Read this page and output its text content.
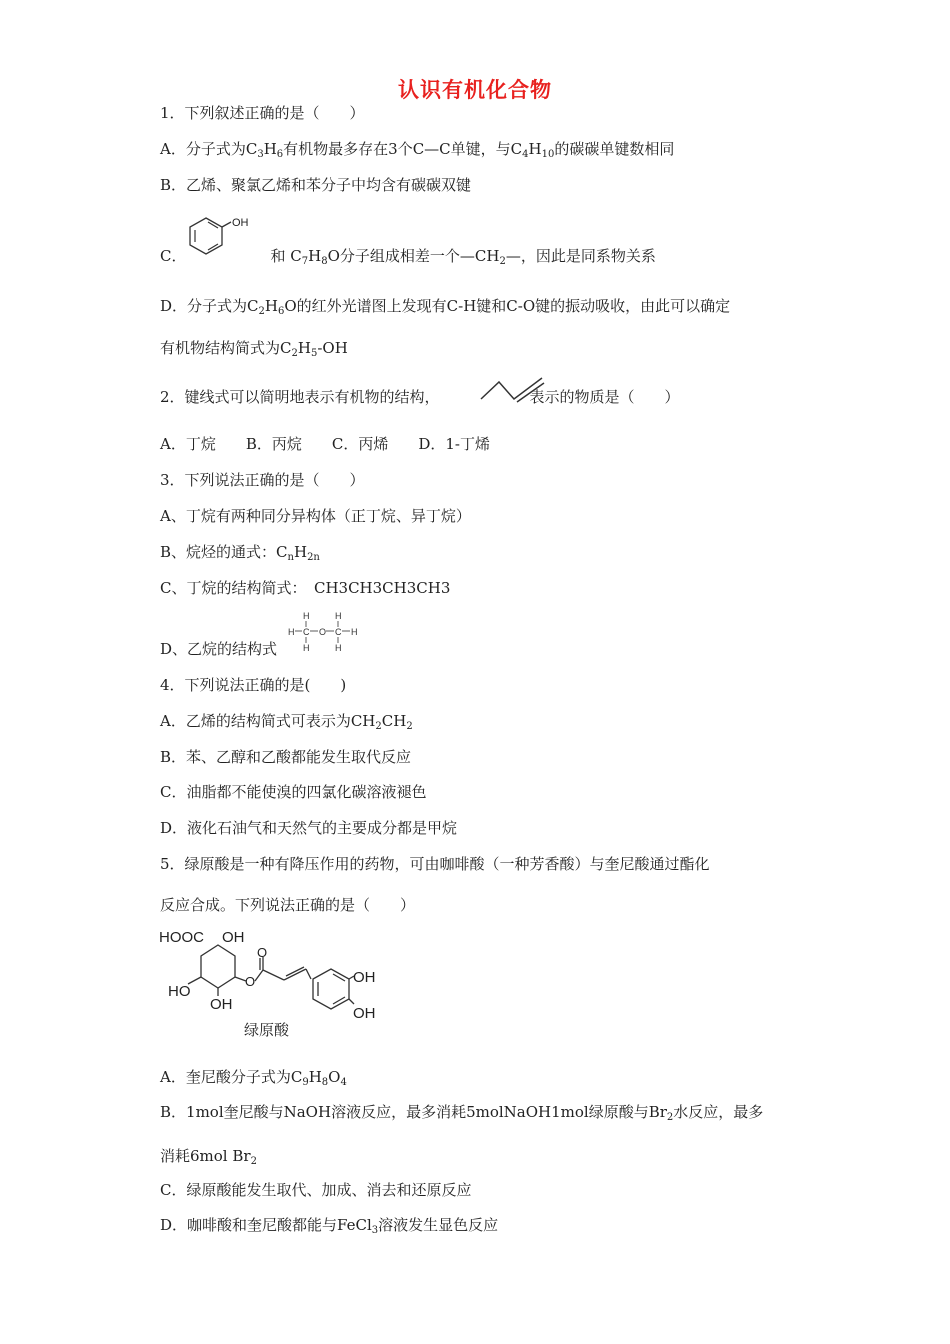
认识有机化合物
1．下列叙述正确的是（　　）
A．分子式为$C_3H_6$有机物最多存在3个C—C单键，与$C_4H_{10}$的碳碳单键数相同
B．乙烯、聚氯乙烯和苯分子中均含有碳碳双键
OH
C．	和 $C_7H_8O$分子组成相差一个$—CH_2—$，因此是同系物关系
D．分子式为$C_2H_6O$的红外光谱图上发现有C-H键和C-O键的振动吸收，由此可以确定
有机物结构简式为$C_2H_5-OH$
2．键线式可以简明地表示有机物的结构，	表示的物质是（　　）
A．丁烷　　B．丙烷　　C．丙烯　　D．1-丁烯
3．下列说法正确的是（　　）
A、丁烷有两种同分异构体（正丁烷、异丁烷）
B、烷烃的通式：$C_nH_{2n}$
C、丁烷的结构简式：　CH3CH3CH3CH3
D、乙烷的结构式
H	H
H C O C H
H	H
4．下列说法正确的是(　　)
A．乙烯的结构简式可表示为$CH_2CH_2$
B．苯、乙醇和乙酸都能发生取代反应
C．油脂都不能使溴的四氯化碳溶液褪色
D．液化石油气和天然气的主要成分都是甲烷
5．绿原酸是一种有降压作用的药物，可由咖啡酸（一种芳香酸）与奎尼酸通过酯化
反应合成。下列说法正确的是（　　）
HOOC OH
HO
OH
O
O
OH
OH
绿原酸
A．奎尼酸分子式为$C_9H_8O_4$
B．1mol奎尼酸与NaOH溶液反应，最多消耗5molNaOH1mol绿原酸与$Br_2$水反应，最多
消耗6mol $Br_2$
C．绿原酸能发生取代、加成、消去和还原反应
D．咖啡酸和奎尼酸都能与FeCl$_3$溶液发生显色反应
